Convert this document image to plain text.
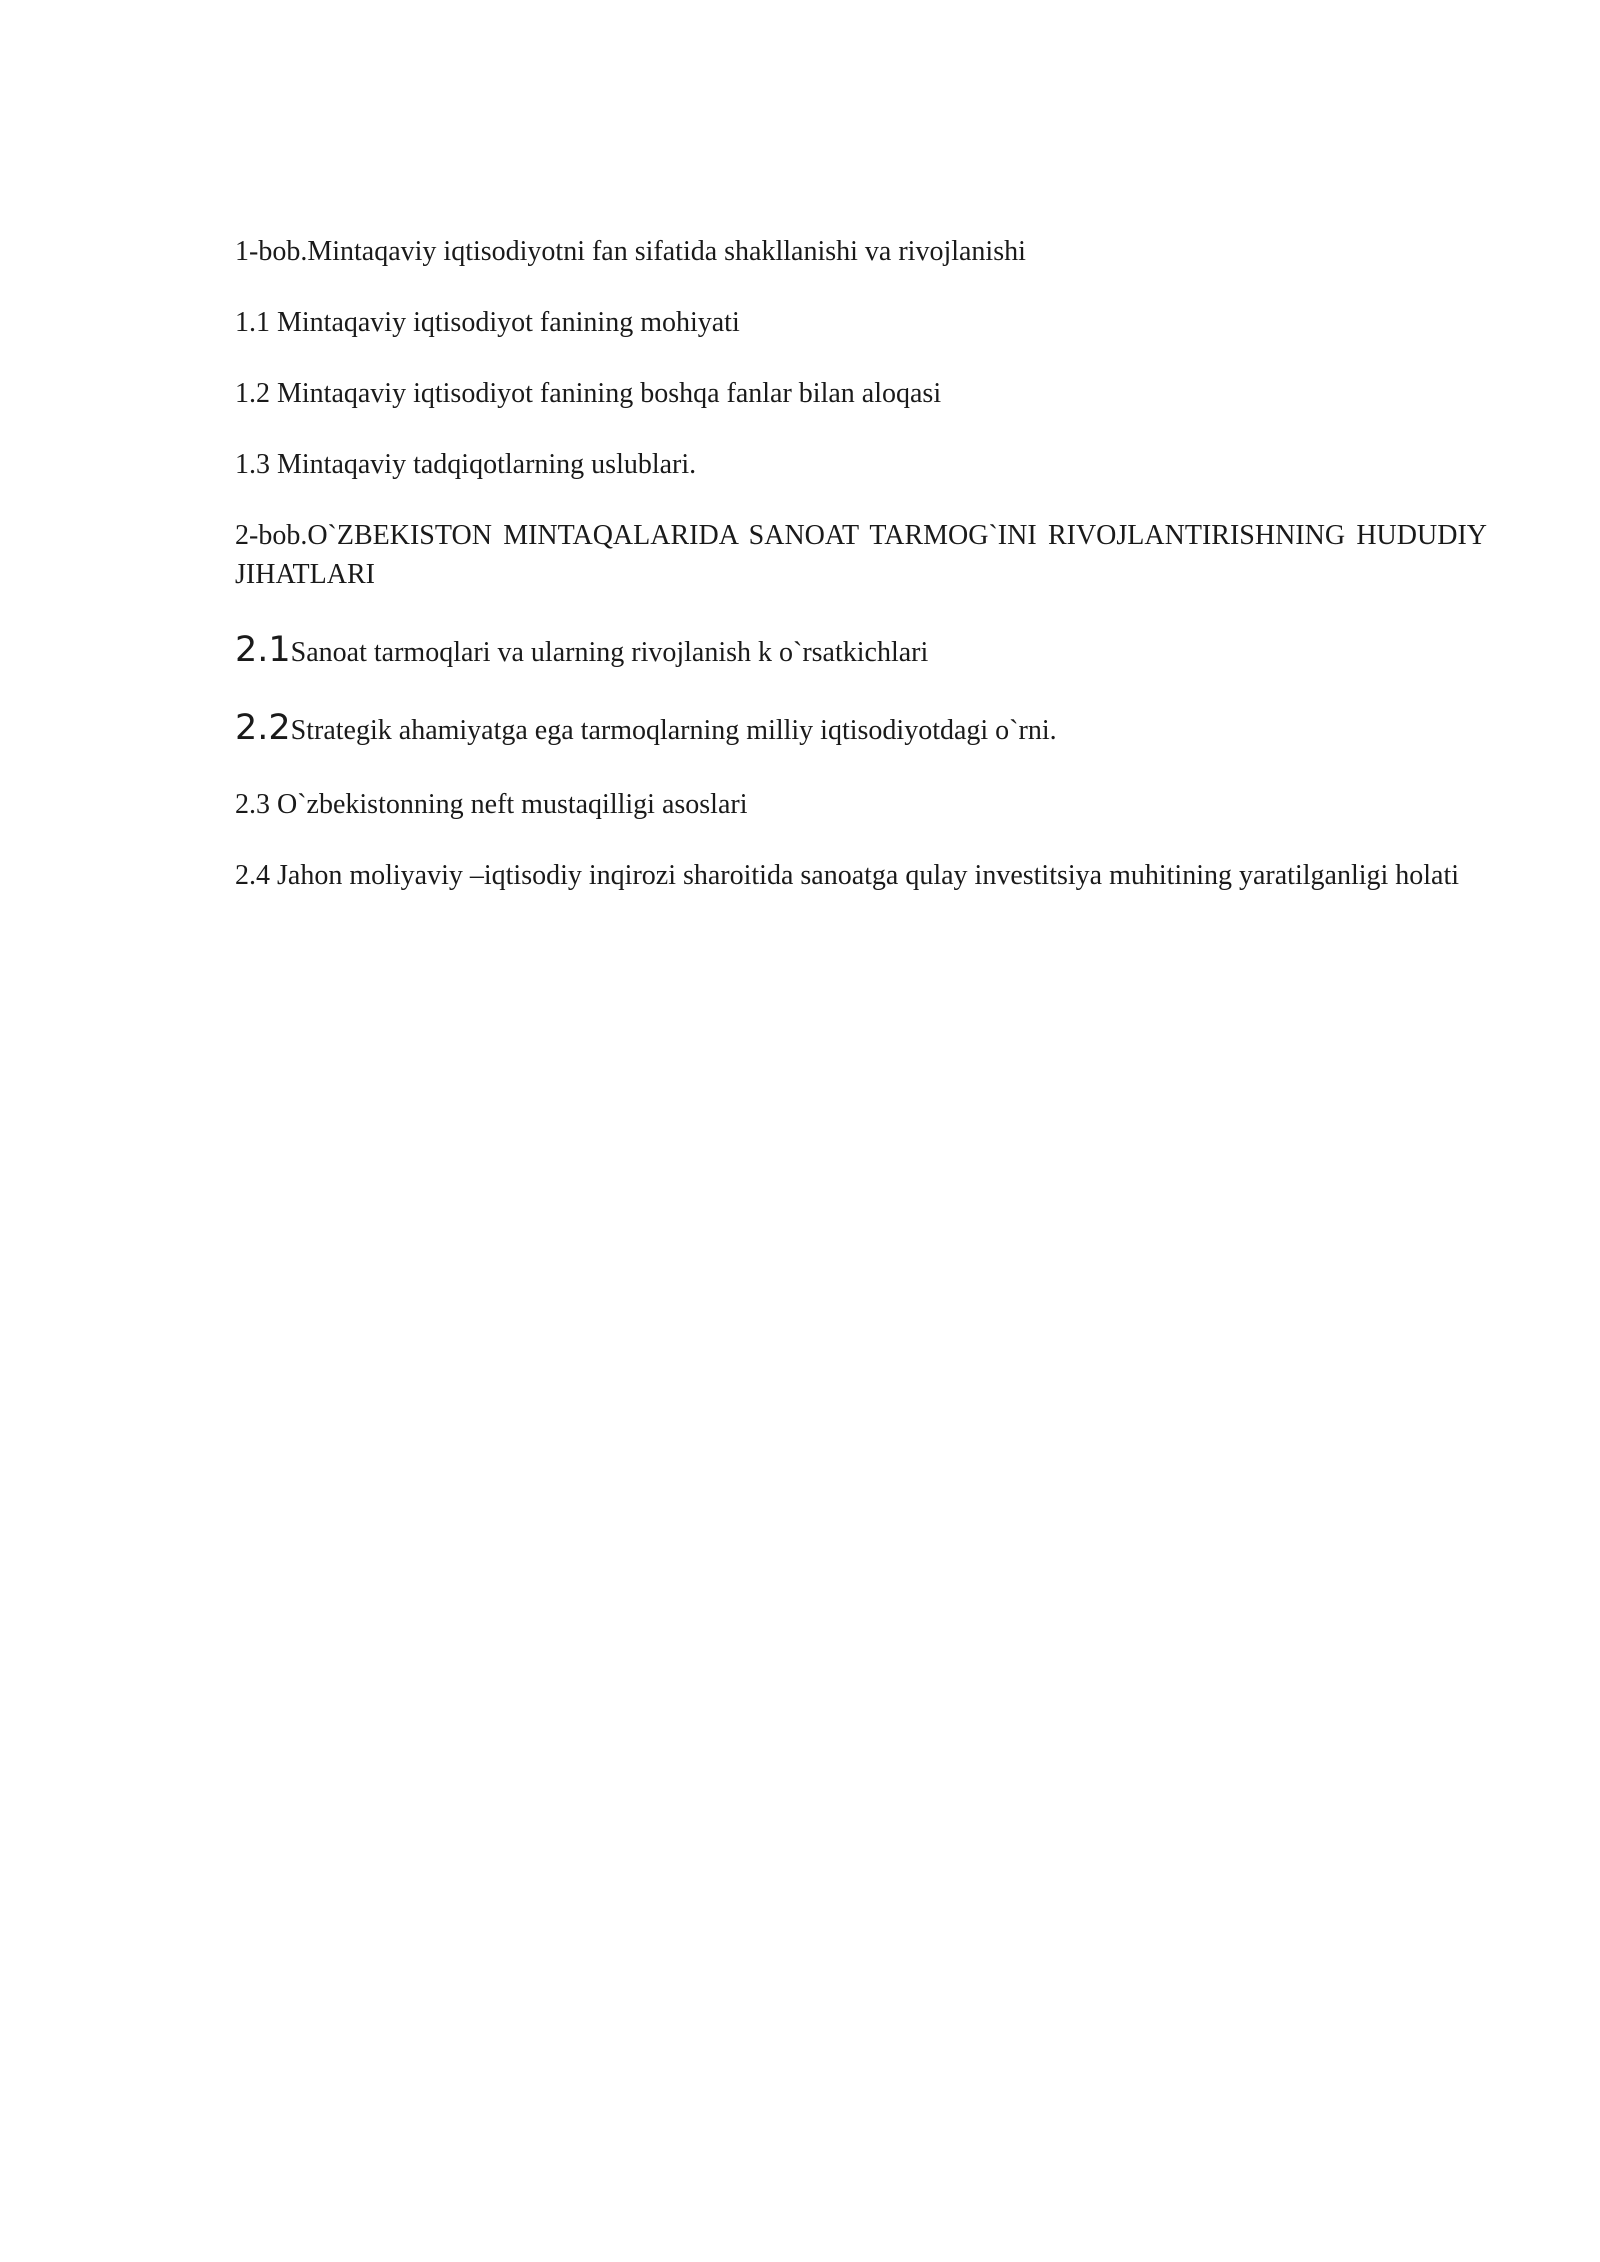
1-bob.Mintaqaviy iqtisodiyotni fan sifatida shakllanishi va rivojlanishi

1.1 Mintaqaviy iqtisodiyot fanining mohiyati

1.2 Mintaqaviy iqtisodiyot fanining boshqa fanlar bilan aloqasi

1.3 Mintaqaviy tadqiqotlarning uslublari.

2-bob.O`ZBEKISTON MINTAQALARIDA SANOAT TARMOG`INI RIVOJLANTIRISHNING HUDUDIY JIHATLARI

2.1Sanoat tarmoqlari va ularning rivojlanish k o`rsatkichlari

2.2Strategik ahamiyatga ega tarmoqlarning milliy iqtisodiyotdagi o`rni.

2.3 O`zbekistonning neft mustaqilligi asoslari

2.4 Jahon moliyaviy –iqtisodiy inqirozi sharoitida sanoatga qulay investitsiya muhitining yaratilganligi holati
